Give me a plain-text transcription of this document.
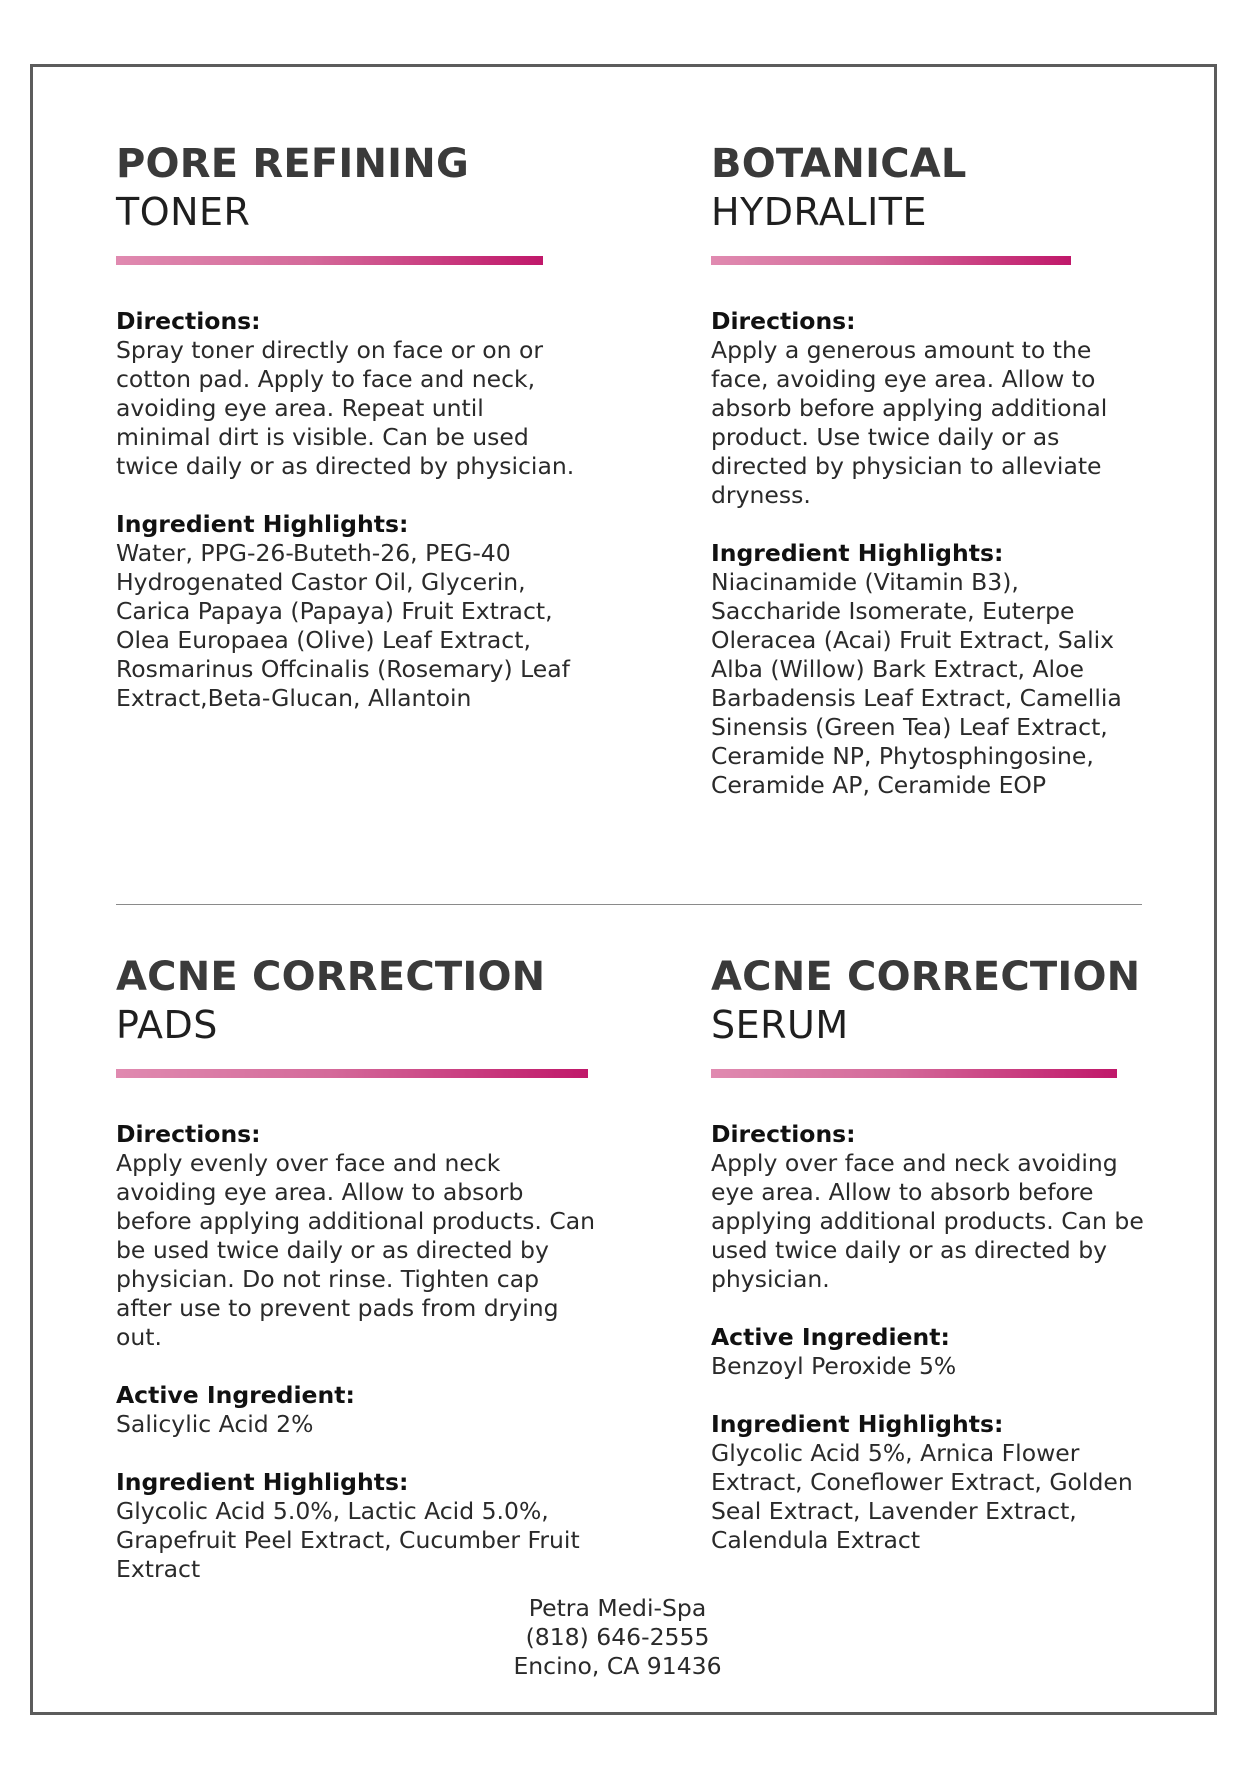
PORE REFINING
TONER
Directions:
Spray toner directly on face or on or cotton pad. Apply to face and neck, avoiding eye area. Repeat until minimal dirt is visible. Can be used twice daily or as directed by physician.
Ingredient Highlights:
Water, PPG-26-Buteth-26, PEG-40 Hydrogenated Castor Oil, Glycerin, Carica Papaya (Papaya) Fruit Extract, Olea Europaea (Olive) Leaf Extract, Rosmarinus Offcinalis (Rosemary) Leaf Extract,Beta-Glucan, Allantoin
BOTANICAL
HYDRALITE
Directions:
Apply a generous amount to the face, avoiding eye area. Allow to absorb before applying additional product. Use twice daily or as directed by physician to alleviate dryness.
Ingredient Highlights:
Niacinamide (Vitamin B3), Saccharide Isomerate, Euterpe Oleracea (Acai) Fruit Extract, Salix Alba (Willow) Bark Extract, Aloe Barbadensis Leaf Extract, Camellia Sinensis (Green Tea) Leaf Extract, Ceramide NP, Phytosphingosine, Ceramide AP, Ceramide EOP
ACNE CORRECTION
PADS
Directions:
Apply evenly over face and neck avoiding eye area. Allow to absorb before applying additional products. Can be used twice daily or as directed by physician. Do not rinse. Tighten cap after use to prevent pads from drying out.
Active Ingredient:
Salicylic Acid 2%
Ingredient Highlights:
Glycolic Acid 5.0%, Lactic Acid 5.0%, Grapefruit Peel Extract, Cucumber Fruit Extract
ACNE CORRECTION
SERUM
Directions:
Apply over face and neck avoiding eye area. Allow to absorb before applying additional products. Can be used twice daily or as directed by physician.
Active Ingredient:
Benzoyl Peroxide 5%
Ingredient Highlights:
Glycolic Acid 5%, Arnica Flower Extract, Coneflower Extract, Golden Seal Extract, Lavender Extract, Calendula Extract
Petra Medi-Spa
(818) 646-2555
Encino, CA 91436
